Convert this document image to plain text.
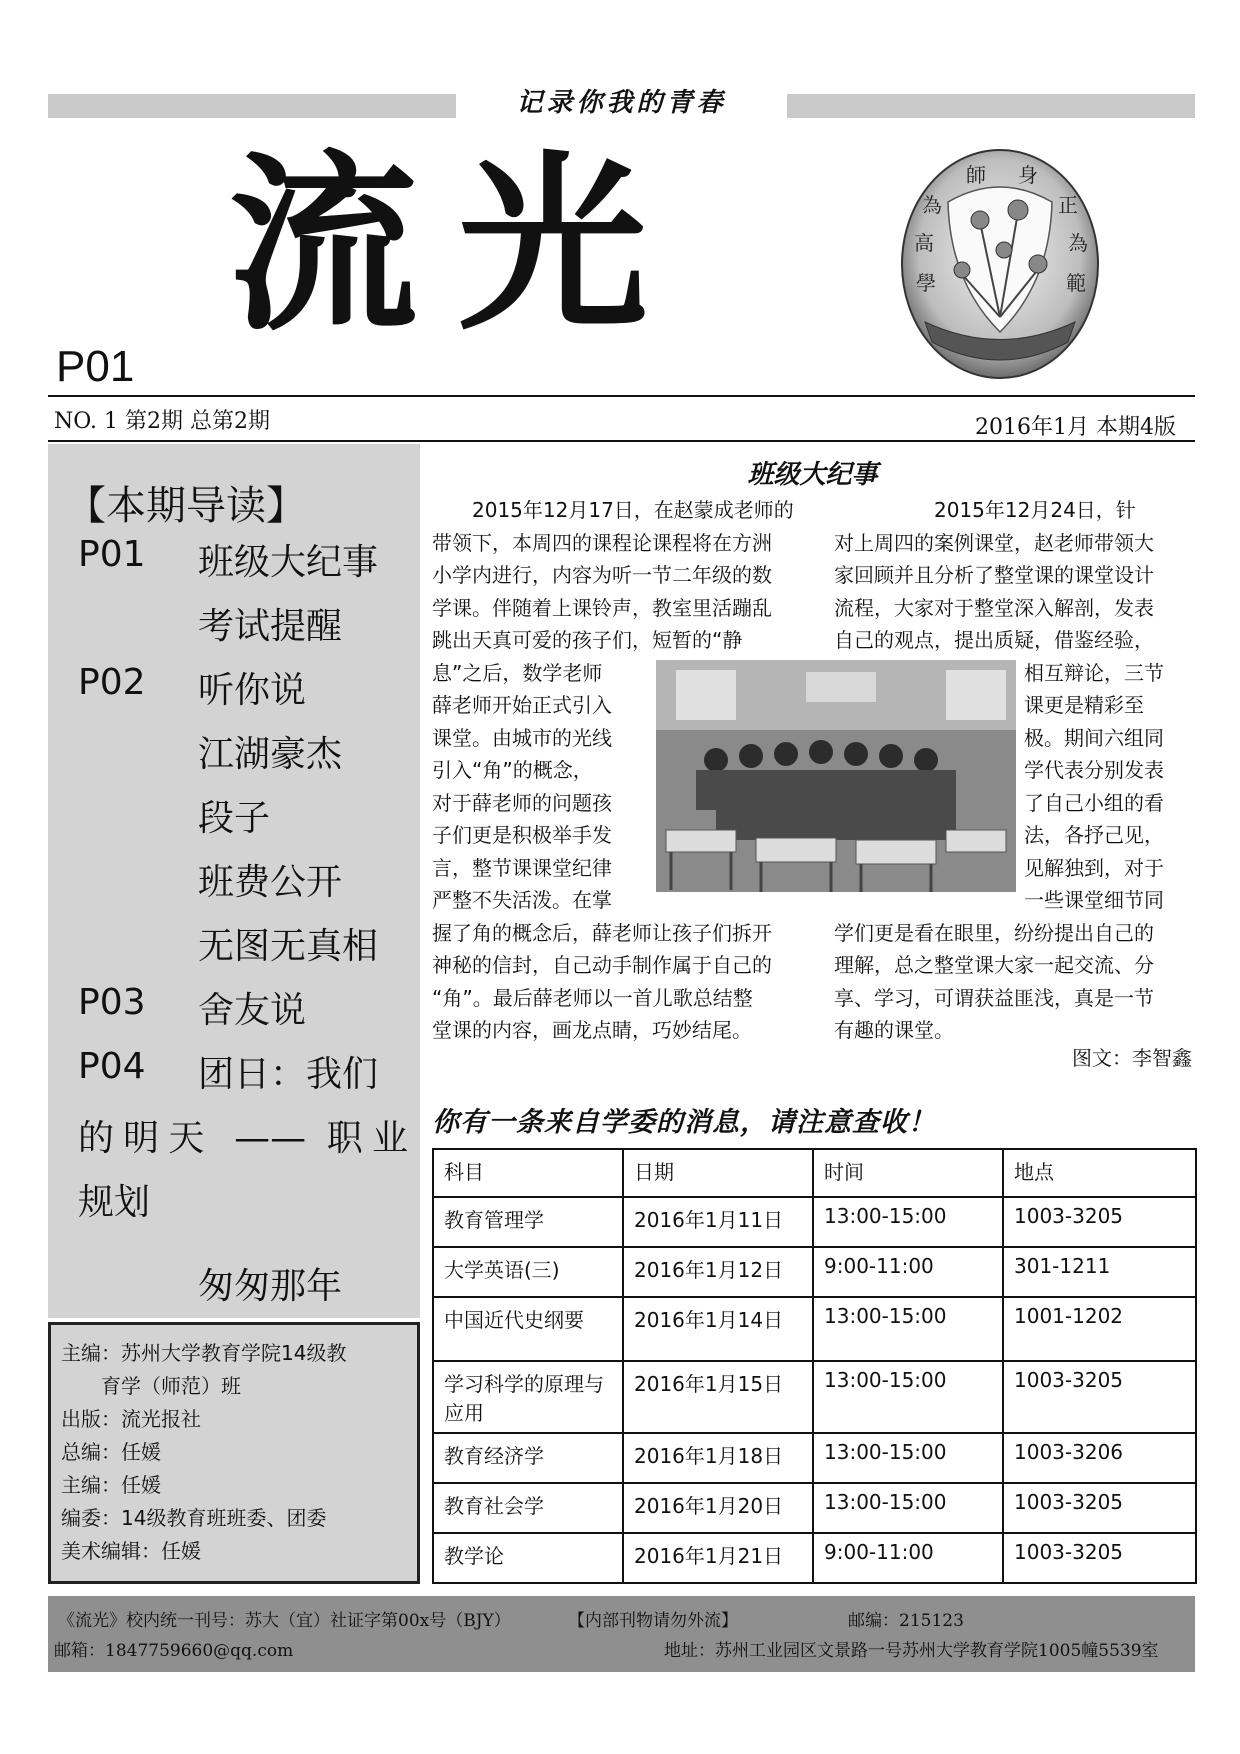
记录你我的青春
流光
P01
師 身
為	正
高	為
學	範
NO. 1 第2期 总第2期	2016年1月 本期4版
【本期导读】
P01 班级大纪事
考试提醒
P02 听你说
江湖豪杰
段子
班费公开
无图无真相
P03 舍友说
P04 团日：我们
的明天 —— 职业
规划
匆匆那年
主编：苏州大学教育学院14级教
　　育学（师范）班
出版：流光报社
总编：任媛
主编：任媛
编委：14级教育班班委、团委
美术编辑：任媛
班级大纪事
　　2015年12月17日，在赵蒙成老师的
带领下，本周四的课程论课程将在方洲
小学内进行，内容为听一节二年级的数
学课。伴随着上课铃声，教室里活蹦乱
跳出天真可爱的孩子们，短暂的“静
息”之后，数学老师
薛老师开始正式引入
课堂。由城市的光线
引入“角”的概念，
对于薛老师的问题孩
子们更是积极举手发
言，整节课课堂纪律
严整不失活泼。在掌
握了角的概念后，薛老师让孩子们拆开
神秘的信封，自己动手制作属于自己的
“角”。最后薛老师以一首儿歌总结整
堂课的内容，画龙点睛，巧妙结尾。
　　　　　2015年12月24日，针
对上周四的案例课堂，赵老师带领大
家回顾并且分析了整堂课的课堂设计
流程，大家对于整堂深入解剖，发表
自己的观点，提出质疑，借鉴经验，
相互辩论，三节
课更是精彩至
极。期间六组同
学代表分别发表
了自己小组的看
法，各抒己见，
见解独到，对于
一些课堂细节同
学们更是看在眼里，纷纷提出自己的
理解，总之整堂课大家一起交流、分
享、学习，可谓获益匪浅，真是一节
有趣的课堂。
图文：李智鑫
你有一条来自学委的消息，请注意查收！
科目	日期	时间	地点
教育管理学	2016年1月11日	13:00-15:00	1003-3205
大学英语(三)	2016年1月12日	9:00-11:00	301-1211
中国近代史纲要	2016年1月14日	13:00-15:00	1001-1202
学习科学的原理与应用	2016年1月15日	13:00-15:00	1003-3205
教育经济学	2016年1月18日	13:00-15:00	1003-3206
教育社会学	2016年1月20日	13:00-15:00	1003-3205
教学论	2016年1月21日	9:00-11:00	1003-3205
《流光》校内统一刊号：苏大（宜）社证字第00x号（BJY）	【内部刊物请勿外流】	邮编：215123
邮箱：1847759660@qq.com	地址：苏州工业园区文景路一号苏州大学教育学院1005幢5539室
